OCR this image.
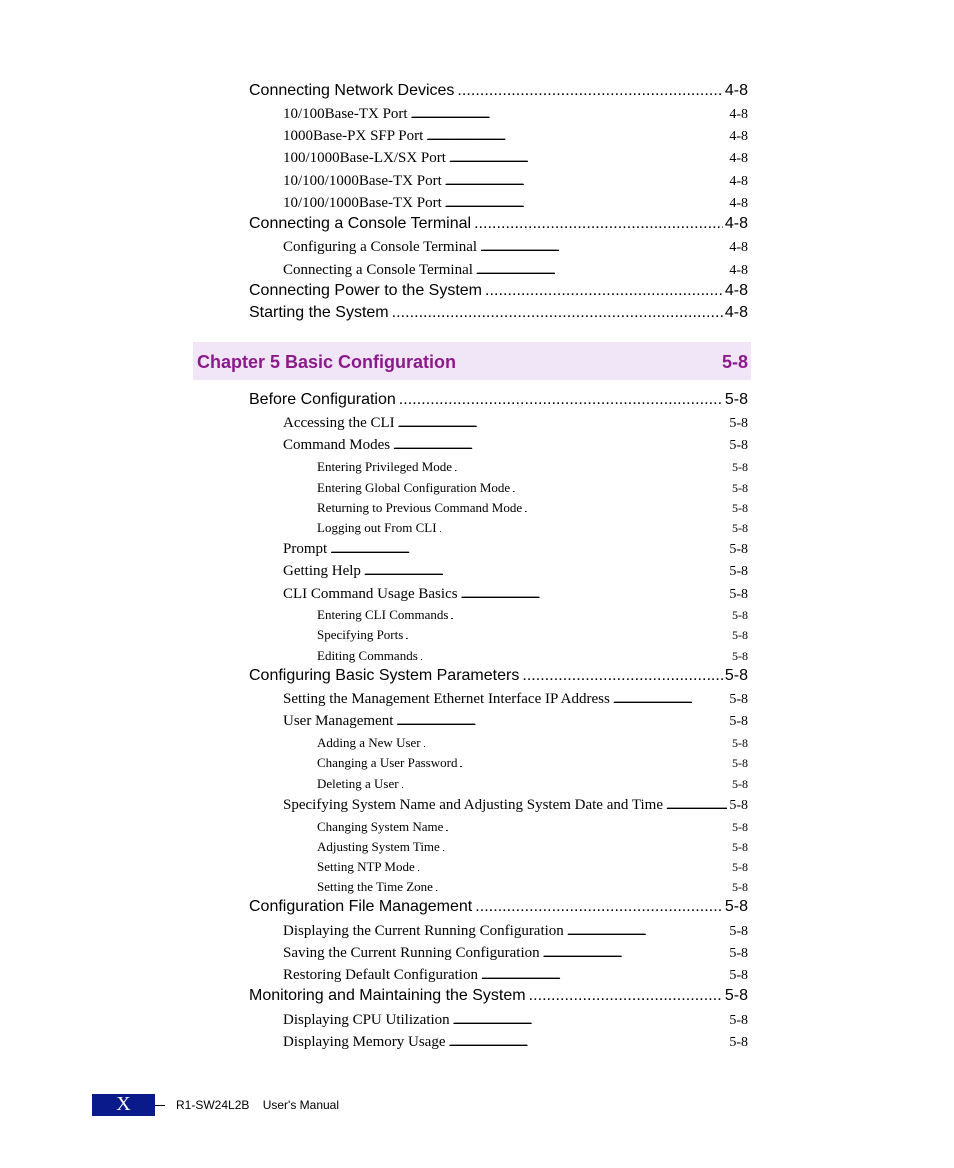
Connecting Network Devices . . .	4-8
10/100Base-TX Port . . .	4-8
1000Base-PX SFP Port . . .	4-8
100/1000Base-LX/SX Port . . .	4-8
10/100/1000Base-TX Port . . .	4-8
10/100/1000Base-TX Port . . .	4-8
Connecting a Console Terminal . . .	4-8
Configuring a Console Terminal . . .	4-8
Connecting a Console Terminal . . .	4-8
Connecting Power to the System . . .	4-8
Starting the System . . .	4-8
Chapter 5 Basic Configuration	5-8
Before Configuration . . .	5-8
Accessing the CLI . . .	5-8
Command Modes . . .	5-8
Entering Privileged Mode . . .	5-8
Entering Global Configuration Mode . . .	5-8
Returning to Previous Command Mode . . .	5-8
Logging out From CLI . . .	5-8
Prompt . . .	5-8
Getting Help . . .	5-8
CLI Command Usage Basics . . .	5-8
Entering CLI Commands . . .	5-8
Specifying Ports . . .	5-8
Editing Commands . . .	5-8
Configuring Basic System Parameters . . .	5-8
Setting the Management Ethernet Interface IP Address . . .	5-8
User Management . . .	5-8
Adding a New User . . .	5-8
Changing a User Password . . .	5-8
Deleting a User . . .	5-8
Specifying System Name and Adjusting System Date and Time . . .	5-8
Changing System Name . . .	5-8
Adjusting System Time . . .	5-8
Setting NTP Mode . . .	5-8
Setting the Time Zone . . .	5-8
Configuration File Management . . .	5-8
Displaying the Current Running Configuration . . .	5-8
Saving the Current Running Configuration . . .	5-8
Restoring Default Configuration . . .	5-8
Monitoring and Maintaining the System . . .	5-8
Displaying CPU Utilization . . .	5-8
Displaying Memory Usage . . .	5-8
X	R1-SW24L2B    User's Manual
